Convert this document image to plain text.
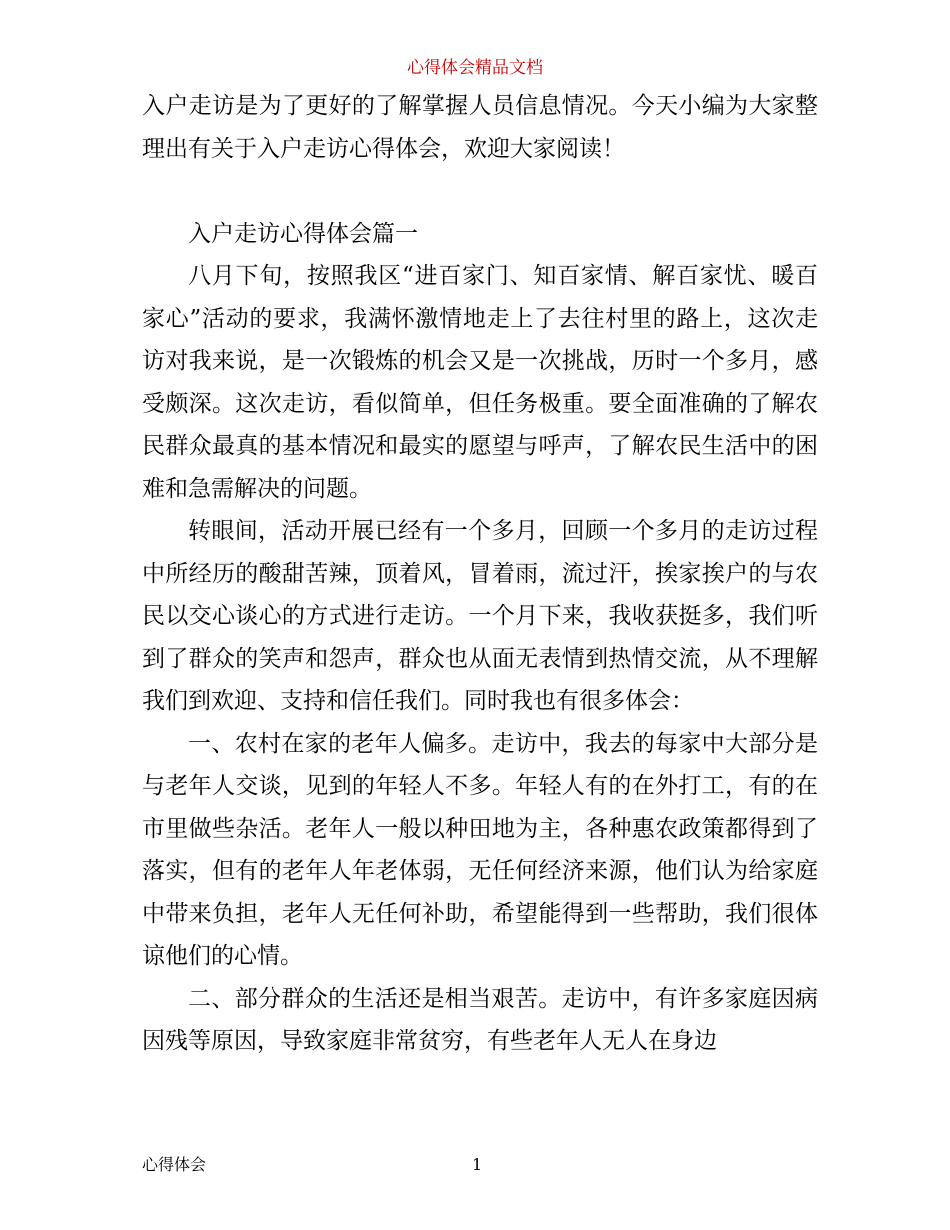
心得体会精品文档

入户走访是为了更好的了解掌握人员信息情况。今天小编为大家整理出有关于入户走访心得体会，欢迎大家阅读！

入户走访心得体会篇一

八月下旬，按照我区“进百家门、知百家情、解百家忧、暖百家心”活动的要求，我满怀激情地走上了去往村里的路上，这次走访对我来说，是一次锻炼的机会又是一次挑战，历时一个多月，感受颇深。这次走访，看似简单，但任务极重。要全面准确的了解农民群众最真的基本情况和最实的愿望与呼声，了解农民生活中的困难和急需解决的问题。

转眼间，活动开展已经有一个多月，回顾一个多月的走访过程中所经历的酸甜苦辣，顶着风，冒着雨，流过汗，挨家挨户的与农民以交心谈心的方式进行走访。一个月下来，我收获挺多，我们听到了群众的笑声和怨声，群众也从面无表情到热情交流，从不理解我们到欢迎、支持和信任我们。同时我也有很多体会：

一、农村在家的老年人偏多。走访中，我去的每家中大部分是与老年人交谈，见到的年轻人不多。年轻人有的在外打工，有的在市里做些杂活。老年人一般以种田地为主，各种惠农政策都得到了落实，但有的老年人年老体弱，无任何经济来源，他们认为给家庭中带来负担，老年人无任何补助，希望能得到一些帮助，我们很体谅他们的心情。

二、部分群众的生活还是相当艰苦。走访中，有许多家庭因病因残等原因，导致家庭非常贫穷，有些老年人无人在身边

心得体会	1
